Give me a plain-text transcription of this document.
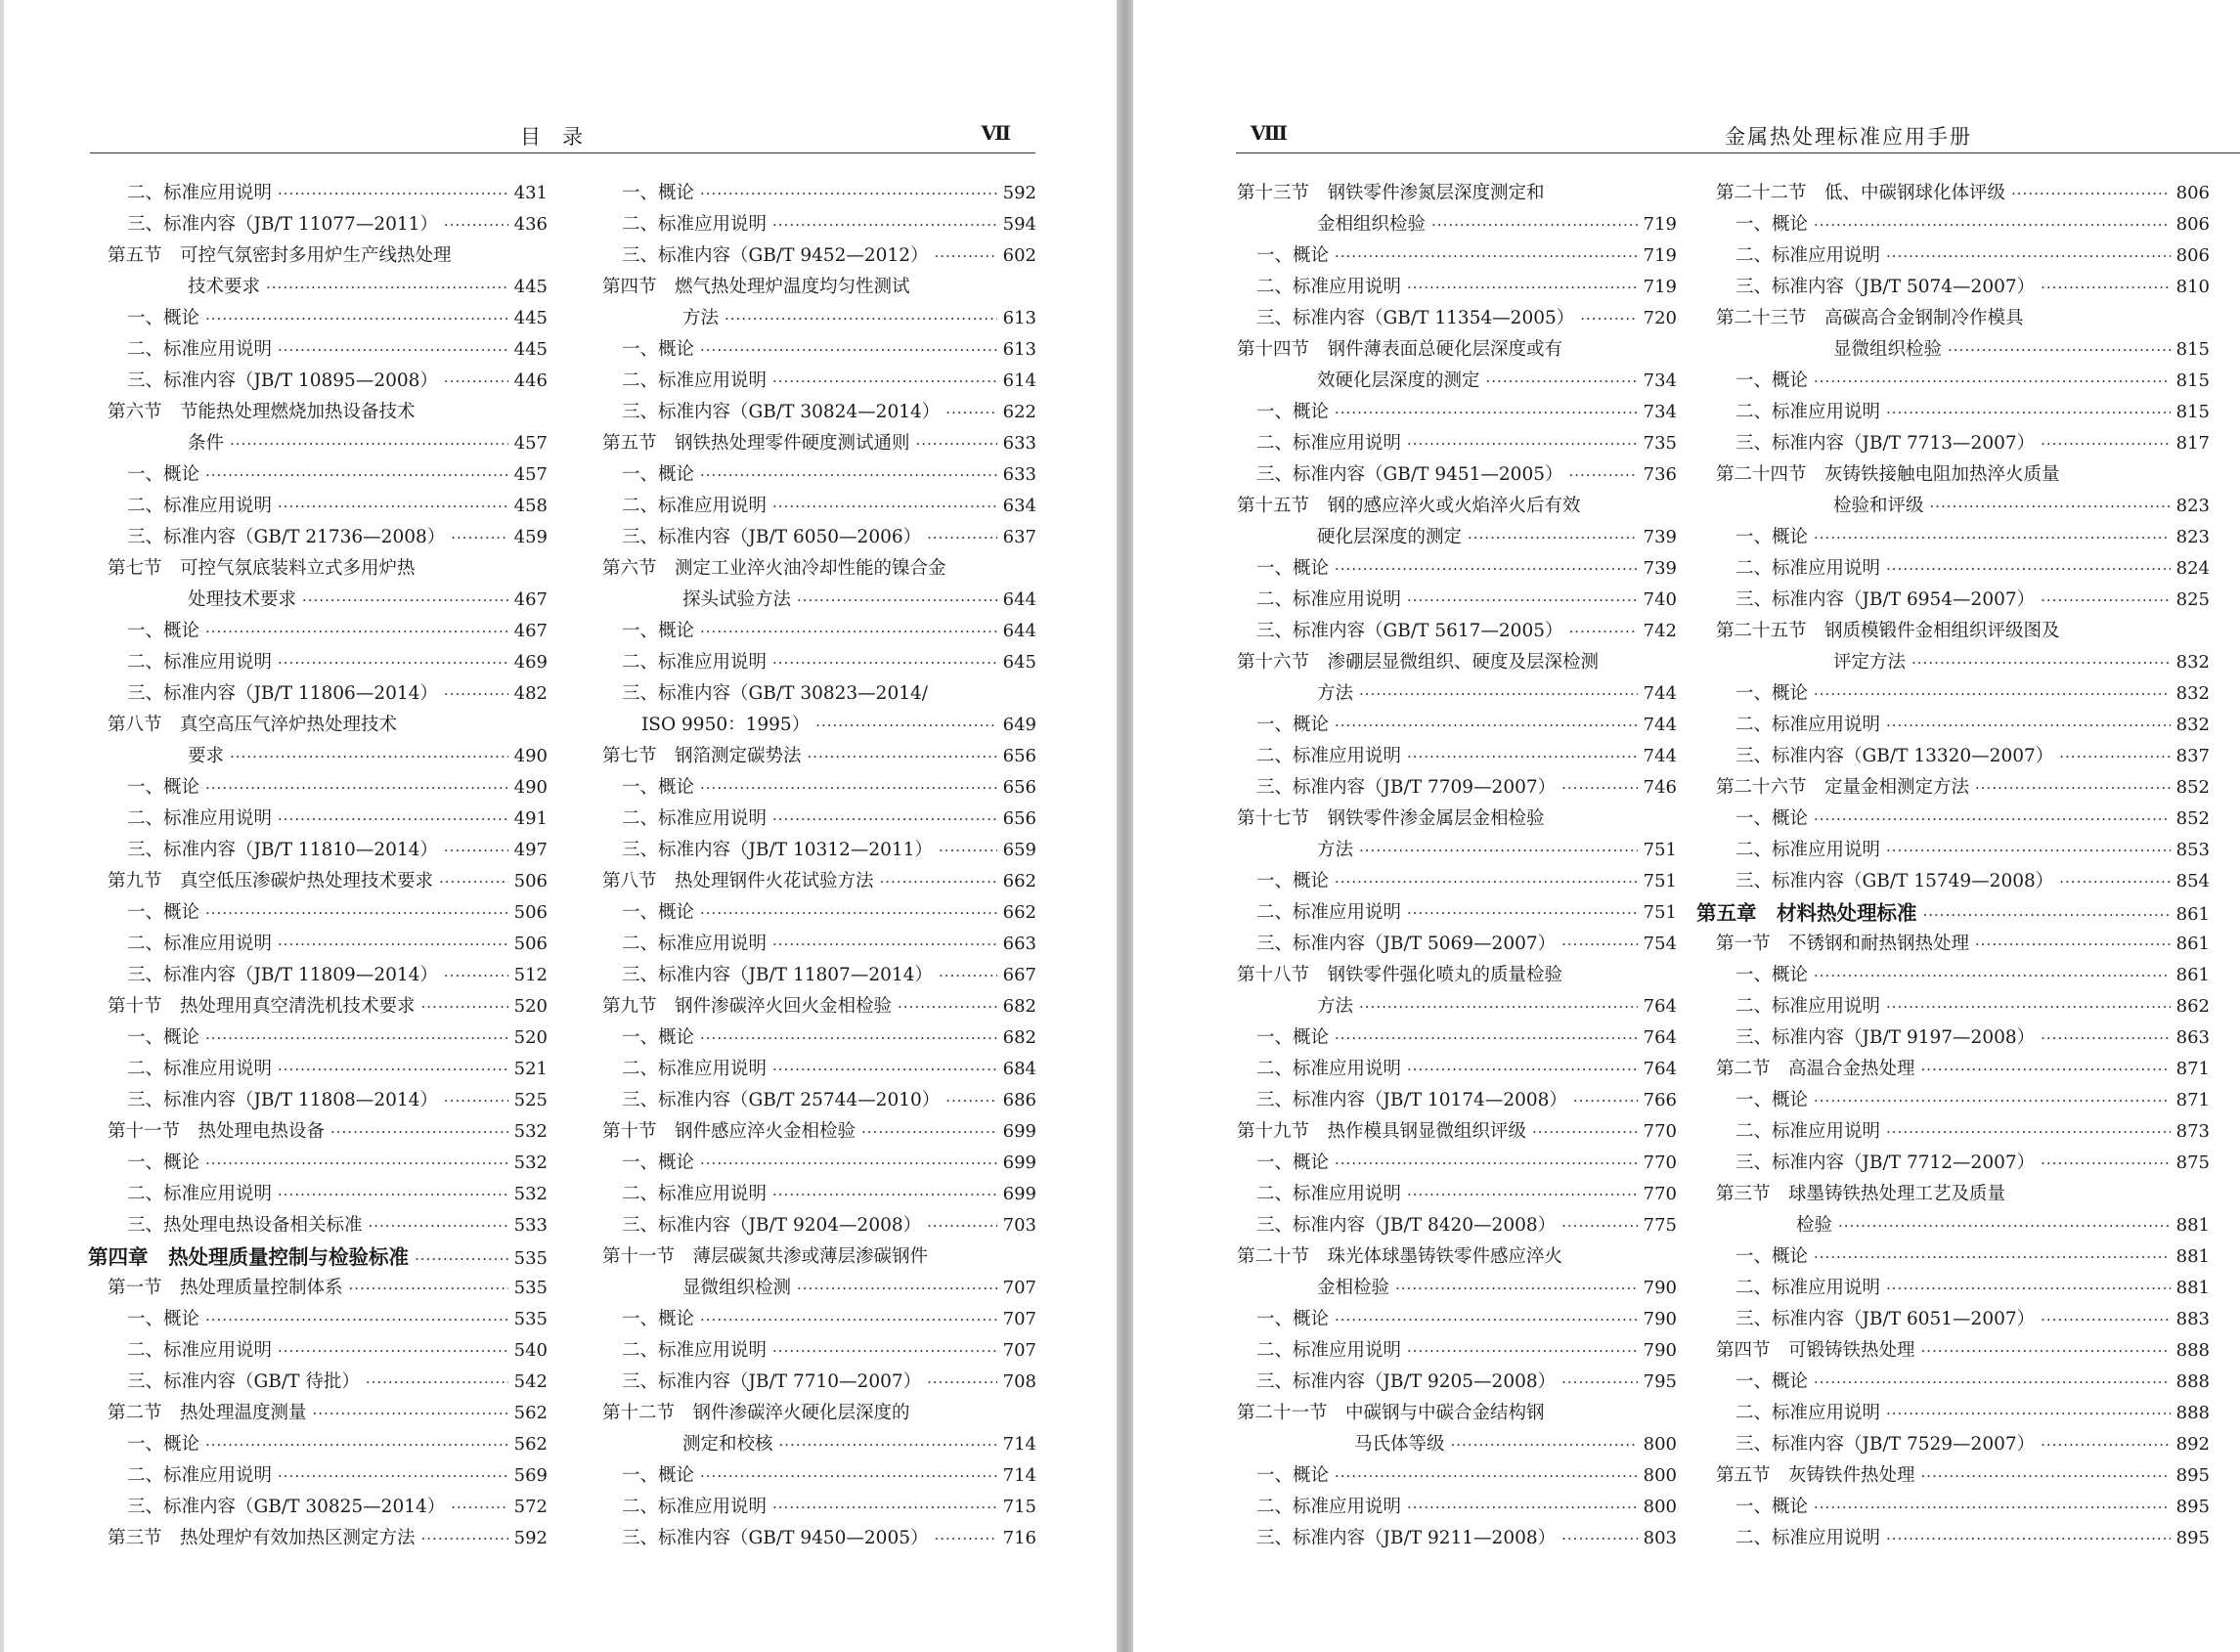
目录	Ⅶ
二、标准应用说明 ·····	431
三、标准内容（JB/T 11077—2011） ·····	436
第五节　可控气氛密封多用炉生产线热处理
技术要求 ·····	445
一、概论 ·····	445
二、标准应用说明 ·····	445
三、标准内容（JB/T 10895—2008） ·····	446
第六节　节能热处理燃烧加热设备技术
条件 ·····	457
一、概论 ·····	457
二、标准应用说明 ·····	458
三、标准内容（GB/T 21736—2008） ·····	459
第七节　可控气氛底装料立式多用炉热
处理技术要求 ·····	467
一、概论 ·····	467
二、标准应用说明 ·····	469
三、标准内容（JB/T 11806—2014） ·····	482
第八节　真空高压气淬炉热处理技术
要求 ·····	490
一、概论 ·····	490
二、标准应用说明 ·····	491
三、标准内容（JB/T 11810—2014） ·····	497
第九节　真空低压渗碳炉热处理技术要求 ·····	506
一、概论 ·····	506
二、标准应用说明 ·····	506
三、标准内容（JB/T 11809—2014） ·····	512
第十节　热处理用真空清洗机技术要求 ·····	520
一、概论 ·····	520
二、标准应用说明 ·····	521
三、标准内容（JB/T 11808—2014） ·····	525
第十一节　热处理电热设备 ·····	532
一、概论 ·····	532
二、标准应用说明 ·····	532
三、热处理电热设备相关标准 ·····	533
第四章　热处理质量控制与检验标准 ·····	535
第一节　热处理质量控制体系 ·····	535
一、概论 ·····	535
二、标准应用说明 ·····	540
三、标准内容（GB/T 待批） ·····	542
第二节　热处理温度测量 ·····	562
一、概论 ·····	562
二、标准应用说明 ·····	569
三、标准内容（GB/T 30825—2014） ·····	572
第三节　热处理炉有效加热区测定方法 ·····	592
一、概论 ·····	592
二、标准应用说明 ·····	594
三、标准内容（GB/T 9452—2012） ·····	602
第四节　燃气热处理炉温度均匀性测试
方法 ·····	613
一、概论 ·····	613
二、标准应用说明 ·····	614
三、标准内容（GB/T 30824—2014） ·····	622
第五节　钢铁热处理零件硬度测试通则 ·····	633
一、概论 ·····	633
二、标准应用说明 ·····	634
三、标准内容（JB/T 6050—2006） ·····	637
第六节　测定工业淬火油冷却性能的镍合金
探头试验方法 ·····	644
一、概论 ·····	644
二、标准应用说明 ·····	645
三、标准内容（GB/T 30823—2014/
ISO 9950：1995） ·····	649
第七节　钢箔测定碳势法 ·····	656
一、概论 ·····	656
二、标准应用说明 ·····	656
三、标准内容（JB/T 10312—2011） ·····	659
第八节　热处理钢件火花试验方法 ·····	662
一、概论 ·····	662
二、标准应用说明 ·····	663
三、标准内容（JB/T 11807—2014） ·····	667
第九节　钢件渗碳淬火回火金相检验 ·····	682
一、概论 ·····	682
二、标准应用说明 ·····	684
三、标准内容（GB/T 25744—2010） ·····	686
第十节　钢件感应淬火金相检验 ·····	699
一、概论 ·····	699
二、标准应用说明 ·····	699
三、标准内容（JB/T 9204—2008） ·····	703
第十一节　薄层碳氮共渗或薄层渗碳钢件
显微组织检测 ·····	707
一、概论 ·····	707
二、标准应用说明 ·····	707
三、标准内容（JB/T 7710—2007） ·····	708
第十二节　钢件渗碳淬火硬化层深度的
测定和校核 ·····	714
一、概论 ·····	714
二、标准应用说明 ·····	715
三、标准内容（GB/T 9450—2005） ·····	716
Ⅷ	金属热处理标准应用手册
第十三节　钢铁零件渗氮层深度测定和
金相组织检验 ·····	719
一、概论 ·····	719
二、标准应用说明 ·····	719
三、标准内容（GB/T 11354—2005） ·····	720
第十四节　钢件薄表面总硬化层深度或有
效硬化层深度的测定 ·····	734
一、概论 ·····	734
二、标准应用说明 ·····	735
三、标准内容（GB/T 9451—2005） ·····	736
第十五节　钢的感应淬火或火焰淬火后有效
硬化层深度的测定 ·····	739
一、概论 ·····	739
二、标准应用说明 ·····	740
三、标准内容（GB/T 5617—2005） ·····	742
第十六节　渗硼层显微组织、硬度及层深检测
方法 ·····	744
一、概论 ·····	744
二、标准应用说明 ·····	744
三、标准内容（JB/T 7709—2007） ·····	746
第十七节　钢铁零件渗金属层金相检验
方法 ·····	751
一、概论 ·····	751
二、标准应用说明 ·····	751
三、标准内容（JB/T 5069—2007） ·····	754
第十八节　钢铁零件强化喷丸的质量检验
方法 ·····	764
一、概论 ·····	764
二、标准应用说明 ·····	764
三、标准内容（JB/T 10174—2008） ·····	766
第十九节　热作模具钢显微组织评级 ·····	770
一、概论 ·····	770
二、标准应用说明 ·····	770
三、标准内容（JB/T 8420—2008） ·····	775
第二十节　珠光体球墨铸铁零件感应淬火
金相检验 ·····	790
一、概论 ·····	790
二、标准应用说明 ·····	790
三、标准内容（JB/T 9205—2008） ·····	795
第二十一节　中碳钢与中碳合金结构钢
马氏体等级 ·····	800
一、概论 ·····	800
二、标准应用说明 ·····	800
三、标准内容（JB/T 9211—2008） ·····	803
第二十二节　低、中碳钢球化体评级 ·····	806
一、概论 ·····	806
二、标准应用说明 ·····	806
三、标准内容（JB/T 5074—2007） ·····	810
第二十三节　高碳高合金钢制冷作模具
显微组织检验 ·····	815
一、概论 ·····	815
二、标准应用说明 ·····	815
三、标准内容（JB/T 7713—2007） ·····	817
第二十四节　灰铸铁接触电阻加热淬火质量
检验和评级 ·····	823
一、概论 ·····	823
二、标准应用说明 ·····	824
三、标准内容（JB/T 6954—2007） ·····	825
第二十五节　钢质模锻件金相组织评级图及
评定方法 ·····	832
一、概论 ·····	832
二、标准应用说明 ·····	832
三、标准内容（GB/T 13320—2007） ·····	837
第二十六节　定量金相测定方法 ·····	852
一、概论 ·····	852
二、标准应用说明 ·····	853
三、标准内容（GB/T 15749—2008） ·····	854
第五章　材料热处理标准 ·····	861
第一节　不锈钢和耐热钢热处理 ·····	861
一、概论 ·····	861
二、标准应用说明 ·····	862
三、标准内容（JB/T 9197—2008） ·····	863
第二节　高温合金热处理 ·····	871
一、概论 ·····	871
二、标准应用说明 ·····	873
三、标准内容（JB/T 7712—2007） ·····	875
第三节　球墨铸铁热处理工艺及质量
检验 ·····	881
一、概论 ·····	881
二、标准应用说明 ·····	881
三、标准内容（JB/T 6051—2007） ·····	883
第四节　可锻铸铁热处理 ·····	888
一、概论 ·····	888
二、标准应用说明 ·····	888
三、标准内容（JB/T 7529—2007） ·····	892
第五节　灰铸铁件热处理 ·····	895
一、概论 ·····	895
二、标准应用说明 ·····	895
